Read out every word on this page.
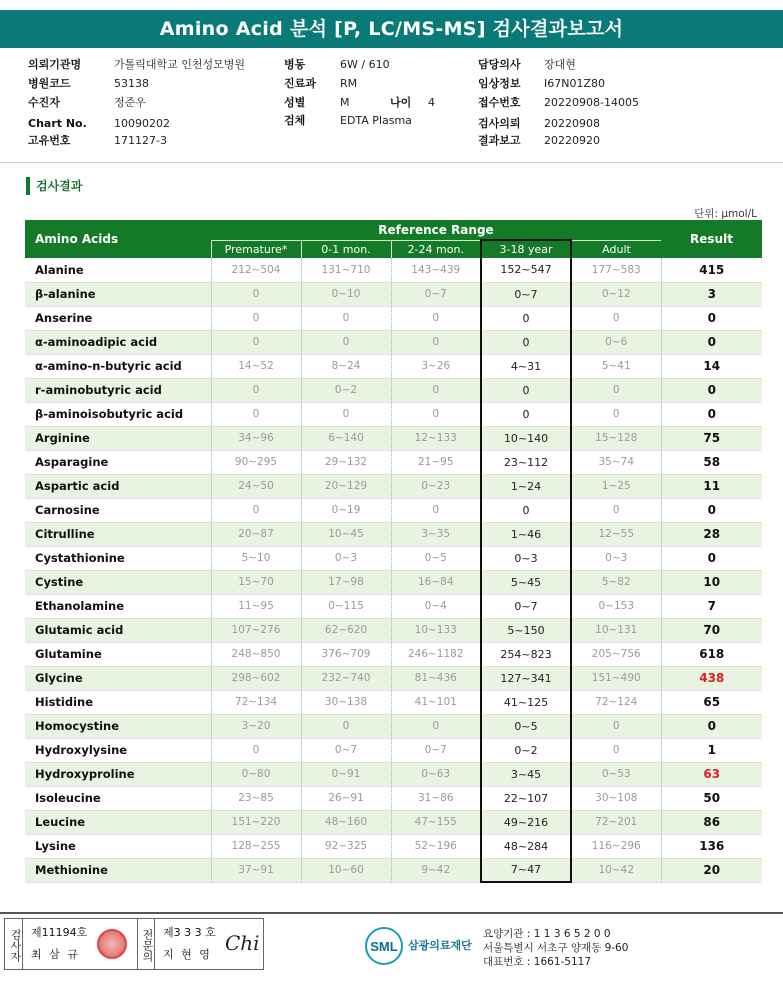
Amino Acid 분석 [P, LC/MS-MS] 검사결과보고서
의뢰기관명	가톨릭대학교 인천성모병원
병원코드	53138
수진자	정준우
Chart No. 10090202
고유번호	171127-3
병동	6W / 610
진료과 RM
성별	M	나이 4
검체	EDTA Plasma
담당의사 장대현
임상정보 I67N01Z80
접수번호 20220908-14005
검사의뢰 20220908
결과보고 20220920
검사결과
단위: μmol/L
Amino Acids	Reference Range					Result
	Premature*	0-1 mon.	2-24 mon.	3-18 year	Adult	
Alanine	212~504	131~710	143~439	152~547	177~583	415
β-alanine	0	0~10	0~7	0~7	0~12	3
Anserine	0	0	0	0	0	0
α-aminoadipic acid	0	0	0	0	0~6	0
α-amino-n-butyric acid	14~52	8~24	3~26	4~31	5~41	14
r-aminobutyric acid	0	0~2	0	0	0	0
β-aminoisobutyric acid	0	0	0	0	0	0
Arginine	34~96	6~140	12~133	10~140	15~128	75
Asparagine	90~295	29~132	21~95	23~112	35~74	58
Aspartic acid	24~50	20~129	0~23	1~24	1~25	11
Carnosine	0	0~19	0	0	0	0
Citrulline	20~87	10~45	3~35	1~46	12~55	28
Cystathionine	5~10	0~3	0~5	0~3	0~3	0
Cystine	15~70	17~98	16~84	5~45	5~82	10
Ethanolamine	11~95	0~115	0~4	0~7	0~153	7
Glutamic acid	107~276	62~620	10~133	5~150	10~131	70
Glutamine	248~850	376~709	246~1182	254~823	205~756	618
Glycine	298~602	232~740	81~436	127~341	151~490	438
Histidine	72~134	30~138	41~101	41~125	72~124	65
Homocystine	3~20	0	0	0~5	0	0
Hydroxylysine	0	0~7	0~7	0~2	0	1
Hydroxyproline	0~80	0~91	0~63	3~45	0~53	63
Isoleucine	23~85	26~91	31~86	22~107	30~108	50
Leucine	151~220	48~160	47~155	49~216	72~201	86
Lysine	128~255	92~325	52~196	48~284	116~296	136
Methionine	37~91	10~60	9~42	7~47	10~42	20
검사자 제11194호
최 삼 규	전문의 제3 3 3 호
지 현 영 Chi	SML 삼광의료재단
요양기관 : 1 1 3 6 5 2 0 0
서울특별시 서초구 양재동 9-60
대표번호 : 1661-5117
